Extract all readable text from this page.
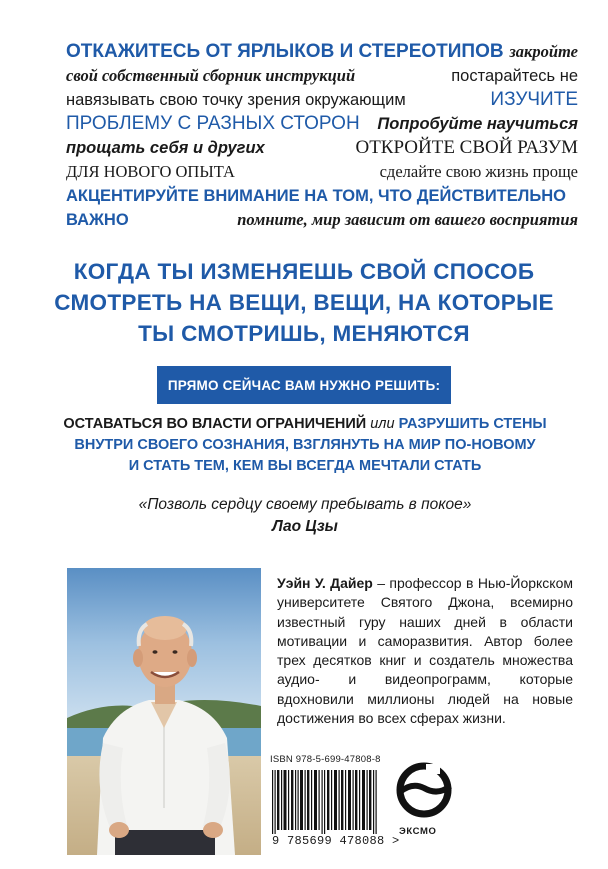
ОТКАЖИТЕСЬ ОТ ЯРЛЫКОВ И СТЕРЕОТИПОВ закройте
свой собственный сборник инструкций	постарайтесь не
навязывать свою точку зрения окружающим	ИЗУЧИТЕ
ПРОБЛЕМУ С РАЗНЫХ СТОРОН Попробуйте научиться
прощать себя и других	ОТКРОЙТЕ СВОЙ РАЗУМ
ДЛЯ НОВОГО ОПЫТА	сделайте свою жизнь проще
АКЦЕНТИРУЙТЕ ВНИМАНИЕ НА ТОМ, ЧТО ДЕЙСТВИТЕЛЬНО
ВАЖНО	помните, мир зависит от вашего восприятия
КОГДА ТЫ ИЗМЕНЯЕШЬ СВОЙ СПОСОБ
СМОТРЕТЬ НА ВЕЩИ, ВЕЩИ, НА КОТОРЫЕ
ТЫ СМОТРИШЬ, МЕНЯЮТСЯ
ПРЯМО СЕЙЧАС ВАМ НУЖНО РЕШИТЬ:
ОСТАВАТЬСЯ ВО ВЛАСТИ ОГРАНИЧЕНИЙ или РАЗРУШИТЬ СТЕНЫ
ВНУТРИ СВОЕГО СОЗНАНИЯ, ВЗГЛЯНУТЬ НА МИР ПО-НОВОМУ
И СТАТЬ ТЕМ, КЕМ ВЫ ВСЕГДА МЕЧТАЛИ СТАТЬ
«Позволь сердцу своему пребывать в покое»
Лао Цзы
Уэйн У. Дайер – профессор в Нью-Йоркском университете Святого Джона, всемирно известный гуру наших дней в области мотивации и саморазвития. Автор более трех десятков книг и создатель множества аудио- и видеопрограмм, которые вдохновили миллионы людей на новые достижения во всех сферах жизни.
ISBN 978-5-699-47808-8
9 785699 478088 >
ЭКСМО
